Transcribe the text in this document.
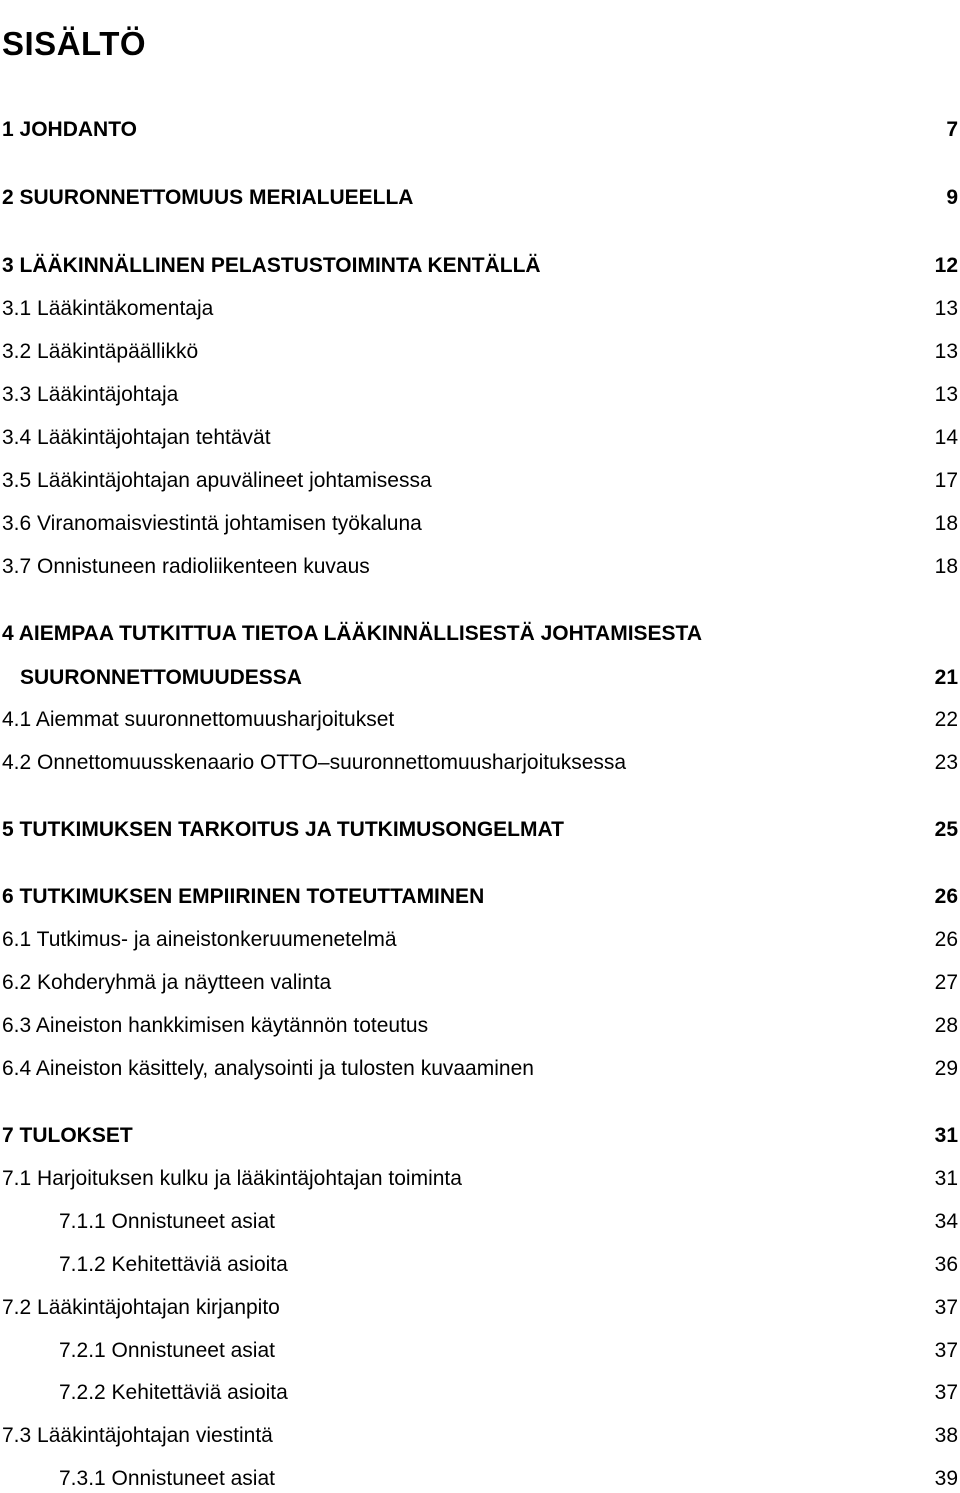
SISÄLTÖ
1 JOHDANTO	7
2 SUURONNETTOMUUS MERIALUEELLA	9
3 LÄÄKINNÄLLINEN PELASTUSTOIMINTA KENTÄLLÄ	12
3.1 Lääkintäkomentaja	13
3.2 Lääkintäpäällikkö	13
3.3 Lääkintäjohtaja	13
3.4 Lääkintäjohtajan tehtävät	14
3.5 Lääkintäjohtajan apuvälineet johtamisessa	17
3.6 Viranomaisviestintä johtamisen työkaluna	18
3.7 Onnistuneen radioliikenteen kuvaus	18
4 AIEMPAA TUTKITTUA TIETOA LÄÄKINNÄLLISESTÄ JOHTAMISESTA
SUURONNETTOMUUDESSA	21
4.1 Aiemmat suuronnettomuusharjoitukset	22
4.2 Onnettomuusskenaario OTTO–suuronnettomuusharjoituksessa	23
5 TUTKIMUKSEN TARKOITUS JA TUTKIMUSONGELMAT	25
6 TUTKIMUKSEN EMPIIRINEN TOTEUTTAMINEN	26
6.1 Tutkimus- ja aineistonkeruumenetelmä	26
6.2 Kohderyhmä ja näytteen valinta	27
6.3 Aineiston hankkimisen käytännön toteutus	28
6.4 Aineiston käsittely, analysointi ja tulosten kuvaaminen	29
7 TULOKSET	31
7.1 Harjoituksen kulku ja lääkintäjohtajan toiminta	31
7.1.1 Onnistuneet asiat	34
7.1.2 Kehitettäviä asioita	36
7.2 Lääkintäjohtajan kirjanpito	37
7.2.1 Onnistuneet asiat	37
7.2.2 Kehitettäviä asioita	37
7.3 Lääkintäjohtajan viestintä	38
7.3.1 Onnistuneet asiat	39
